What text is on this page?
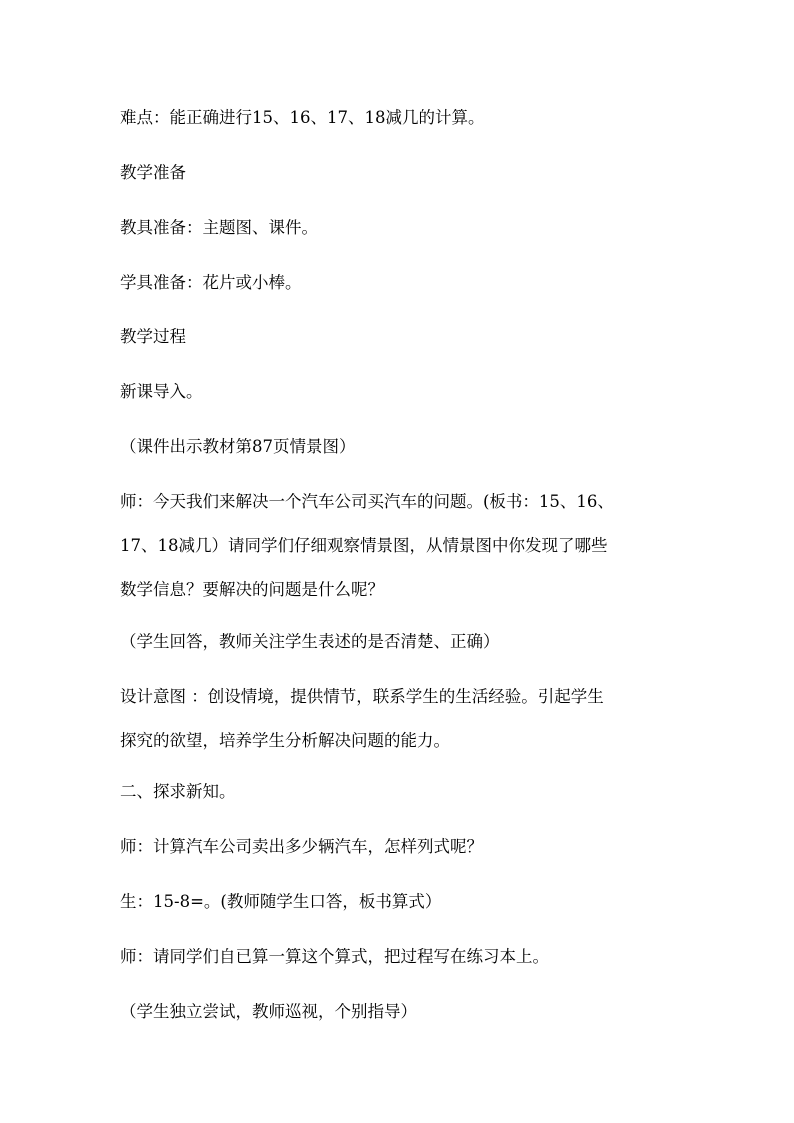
难点：能正确进行15、16、17、18减几的计算。

教学准备

教具准备：主题图、课件。

学具准备：花片或小棒。

教学过程

新课导入。

（课件出示教材第87页情景图）

师：今天我们来解决一个汽车公司买汽车的问题。(板书：15、16、
17、18减几）请同学们仔细观察情景图，从情景图中你发现了哪些
数学信息？要解决的问题是什么呢？

（学生回答，教师关注学生表述的是否清楚、正确）

设计意图 ：创设情境，提供情节，联系学生的生活经验。引起学生
探究的欲望，培养学生分析解决问题的能力。

二、探求新知。

师：计算汽车公司卖出多少辆汽车，怎样列式呢？

生：15-8=。(教师随学生口答，板书算式）

师：请同学们自已算一算这个算式，把过程写在练习本上。

（学生独立尝试，教师巡视，个别指导）
